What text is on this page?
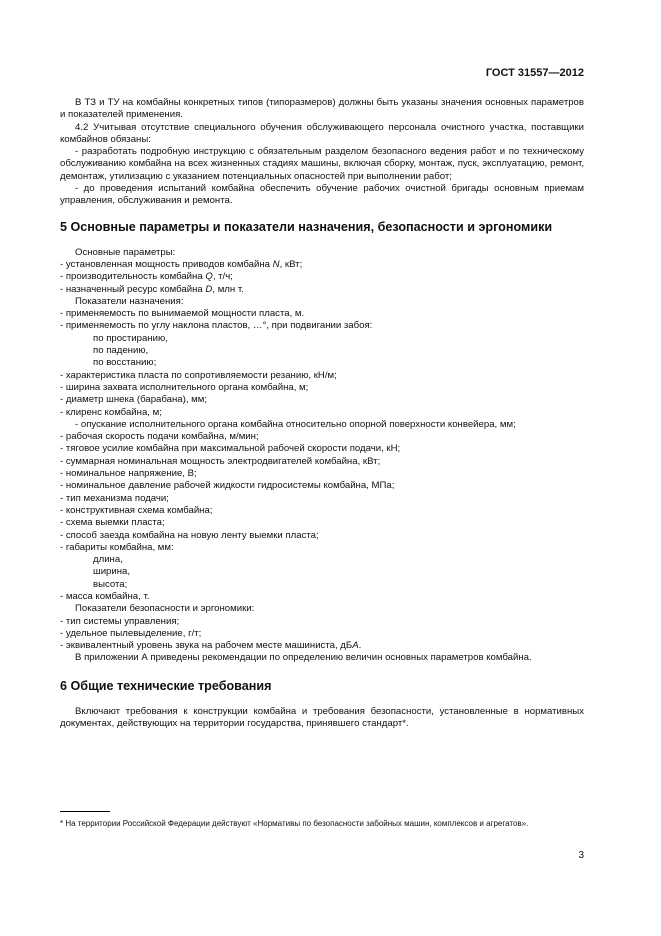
ГОСТ 31557—2012

В ТЗ и ТУ на комбайны конкретных типов (типоразмеров) должны быть указаны значения основных параметров и показателей применения.

4.2 Учитывая отсутствие специального обучения обслуживающего персонала очистного участка, поставщики комбайнов обязаны:

- разработать подробную инструкцию с обязательным разделом безопасного ведения работ и по техническому обслуживанию комбайна на всех жизненных стадиях машины, включая сборку, монтаж, пуск, эксплуатацию, ремонт, демонтаж, утилизацию с указанием потенциальных опасностей при выполнении работ;

- до проведения испытаний комбайна обеспечить обучение рабочих очистной бригады основным приемам управления, обслуживания и ремонта.

5 Основные параметры и показатели назначения, безопасности и эргономики

Основные параметры:

- установленная мощность приводов комбайна N, кВт;

- производительность комбайна Q, т/ч;

- назначенный ресурс комбайна D, млн т.

Показатели назначения:

- применяемость по вынимаемой мощности пласта, м.

- применяемость по углу наклона пластов, …°, при подвигании забоя:

по простиранию,

по падению,

по восстанию;

- характеристика пласта по сопротивляемости резанию, кН/м;

- ширина захвата исполнительного органа комбайна, м;

- диаметр шнека (барабана), мм;

- клиренс комбайна, м;

- опускание исполнительного органа комбайна относительно опорной поверхности конвейера, мм;

- рабочая скорость подачи комбайна, м/мин;

- тяговое усилие комбайна при максимальной рабочей скорости подачи, кН;

- суммарная номинальная мощность электродвигателей комбайна, кВт;

- номинальное напряжение, В;

- номинальное давление рабочей жидкости гидросистемы комбайна, МПа;

- тип механизма подачи;

- конструктивная схема комбайна;

- схема выемки пласта;

- способ заезда комбайна на новую ленту выемки пласта;

- габариты комбайна, мм:

длина,

ширина,

высота;

- масса комбайна, т.

Показатели безопасности и эргономики:

- тип системы управления;

- удельное пылевыделение, г/т;

- эквивалентный уровень звука на рабочем месте машиниста, дБА.

В приложении А приведены рекомендации по определению величин основных параметров комбайна.

6 Общие технические требования

Включают требования к конструкции комбайна и требования безопасности, установленные в нормативных документах, действующих на территории государства, принявшего стандарт*.

* На территории Российской Федерации действуют «Нормативы по безопасности забойных машин, комплексов и агрегатов».
3
